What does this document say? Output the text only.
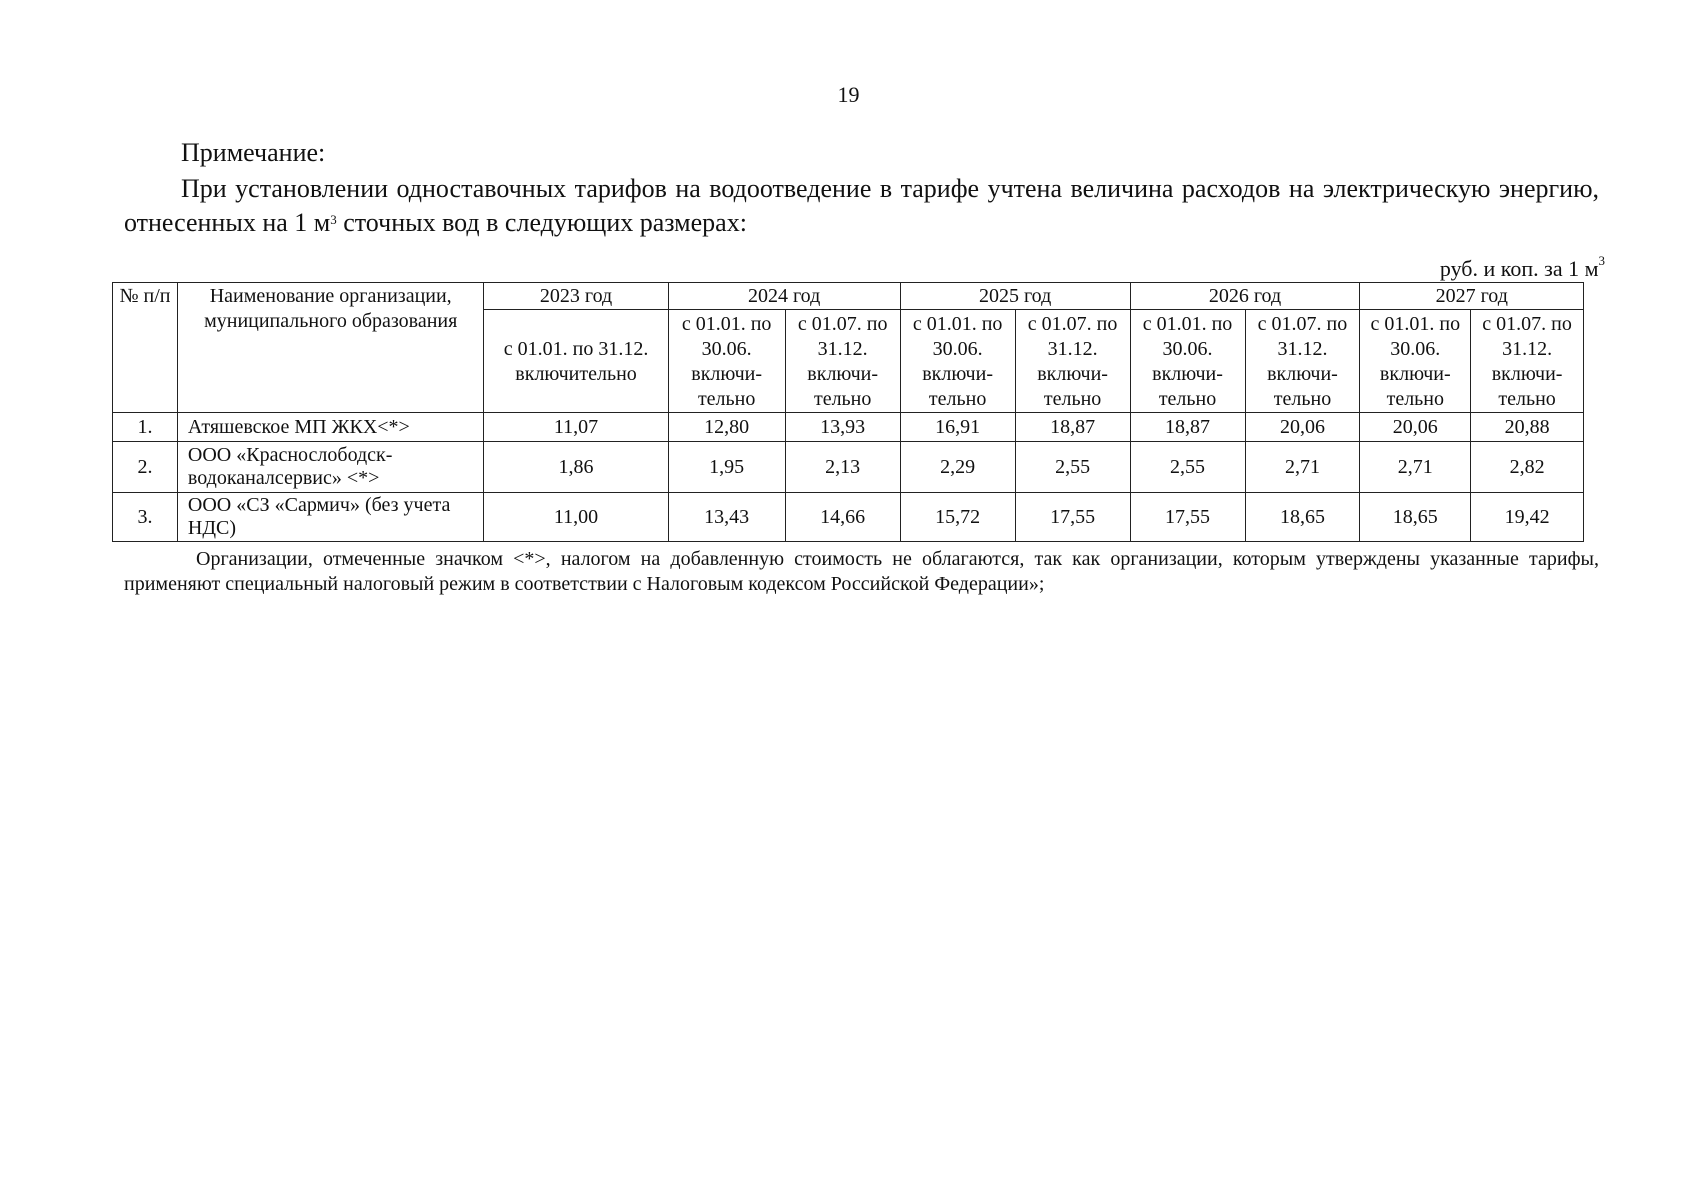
19
Примечание:

При установлении одноставочных тарифов на водоотведение в тарифе учтена величина расходов на электрическую энергию, отнесенных на 1 $м^3$ сточных вод в следующих размерах:

руб. и коп. за 1 $м^3$
№ п/п	Наименование организации, муниципального образования	2023 год	2024 год		2025 год		2026 год		2027 год	
		с 01.01. по 31.12. включительно	с 01.01. по 30.06. включи-тельно	с 01.07. по 31.12. включи-тельно	с 01.01. по 30.06. включи-тельно	с 01.07. по 31.12. включи-тельно	с 01.01. по 30.06. включи-тельно	с 01.07. по 31.12. включи-тельно	с 01.01. по 30.06. включи-тельно	с 01.07. по 31.12. включи-тельно
1.	Атяшевское МП ЖКХ<*>	11,07	12,80	13,93	16,91	18,87	18,87	20,06	20,06	20,88
2.	ООО «Краснослободск-водоканалсервис» <*>	1,86	1,95	2,13	2,29	2,55	2,55	2,71	2,71	2,82
3.	ООО «СЗ «Сармич» (без учета НДС)	11,00	13,43	14,66	15,72	17,55	17,55	18,65	18,65	19,42

Организации, отмеченные значком <*>, налогом на добавленную стоимость не облагаются, так как организации, которым утверждены указанные тарифы, применяют специальный налоговый режим в соответствии с Налоговым кодексом Российской Федерации»;
